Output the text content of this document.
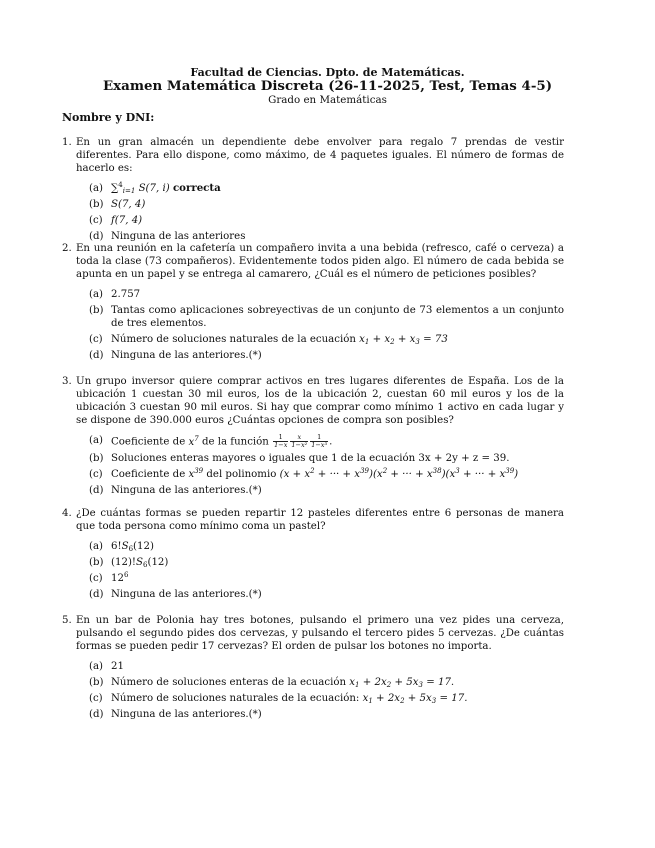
Facultad de Ciencias. Dpto. de Matemáticas.
Examen Matemática Discreta (26-11-2025, Test, Temas 4-5)
Grado en Matemáticas
Nombre y DNI:
1. En un gran almacén un dependiente debe envolver para regalo 7 prendas de vestir diferentes. Para ello dispone, como máximo, de 4 paquetes iguales. El número de formas de hacerlo es:
(a) ∑$^4_{i=1}$ S(7, i) correcta
(b) S(7, 4)
(c) f(7, 4)
(d) Ninguna de las anteriores
2. En una reunión en la cafetería un compañero invita a una bebida (refresco, café o cerveza) a toda la clase (73 compañeros). Evidentemente todos piden algo. El número de cada bebida se apunta en un papel y se entrega al camarero, ¿Cuál es el número de peticiones posibles?
(a) 2.757
(b) Tantas como aplicaciones sobreyectivas de un conjunto de 73 elementos a un conjunto de tres elementos.
(c) Número de soluciones naturales de la ecuación $x_1 + x_2 + x_3 = 73$
(d) Ninguna de las anteriores.(*)
3. Un grupo inversor quiere comprar activos en tres lugares diferentes de España. Los de la ubicación 1 cuestan 30 mil euros, los de la ubicación 2, cuestan 60 mil euros y los de la ubicación 3 cuestan 90 mil euros. Si hay que comprar como mínimo 1 activo en cada lugar y se dispone de 390.000 euros ¿Cuántas opciones de compra son posibles?
(a) Coeficiente de $x^7$ de la función $\frac{1}{1-x} \frac{x}{\text{1−x²}} \frac{1}{\text{1−x³}}$ .
(b) Soluciones enteras mayores o iguales que 1 de la ecuación 3x + 2y + z = 39.
(c) Coeficiente de $x^{39}$ del polinomio ($x + x^2$ + ··· + $x^{39})(x^2$ + ··· + $x^{38})(x^3$ + ··· + $x^{39}$)
(d) Ninguna de las anteriores.(*)
4. ¿De cuántas formas se pueden repartir 12 pasteles diferentes entre 6 personas de manera que toda persona como mínimo coma un pastel?
(a) $6!S_6(12)$
(b) $(12)!S_6(12)$
(c) $12^6$
(d) Ninguna de las anteriores.(*)
5. En un bar de Polonia hay tres botones, pulsando el primero una vez pides una cerveza, pulsando el segundo pides dos cervezas, y pulsando el tercero pides 5 cervezas. ¿De cuántas formas se pueden pedir 17 cervezas? El orden de pulsar los botones no importa.
(a) 21
(b) Número de soluciones enteras de la ecuación $x_1 + 2x_2 + 5x_3 = 17$.
(c) Número de soluciones naturales de la ecuación: $x_1 + 2x_2 + 5x_3 = 17$.
(d) Ninguna de las anteriores.(*)
